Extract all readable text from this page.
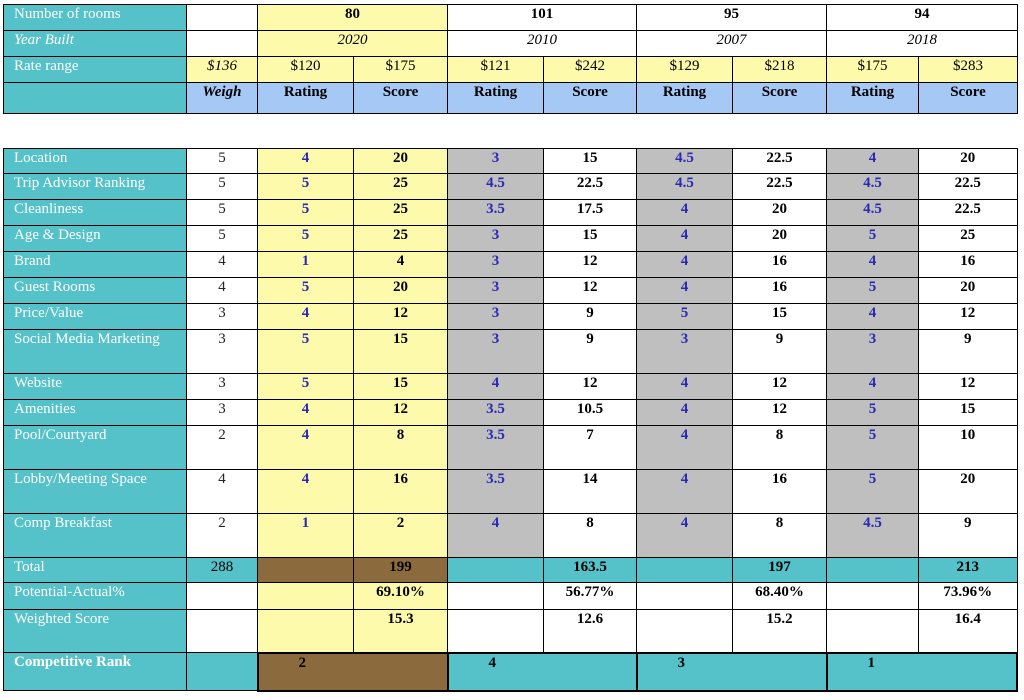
Number of rooms		80		101		95		94	
Year Built		2020		2010		2007		2018	
Rate range	$136	$120	$175	$121	$242	$129	$218	$175	$283
	Weigh	Rating	Score	Rating	Score	Rating	Score	Rating	Score
Location	5	4	20	3	15	4.5	22.5	4	20
Trip Advisor Ranking	5	5	25	4.5	22.5	4.5	22.5	4.5	22.5
Cleanliness	5	5	25	3.5	17.5	4	20	4.5	22.5
Age & Design	5	5	25	3	15	4	20	5	25
Brand	4	1	4	3	12	4	16	4	16
Guest Rooms	4	5	20	3	12	4	16	5	20
Price/Value	3	4	12	3	9	5	15	4	12
Social Media Marketing	3	5	15	3	9	3	9	3	9
Website	3	5	15	4	12	4	12	4	12
Amenities	3	4	12	3.5	10.5	4	12	5	15
Pool/Courtyard	2	4	8	3.5	7	4	8	5	10
Lobby/Meeting Space	4	4	16	3.5	14	4	16	5	20
Comp Breakfast	2	1	2	4	8	4	8	4.5	9
Total	288		199		163.5		197		213
Potential-Actual%			69.10%		56.77%		68.40%		73.96%
Weighted Score			15.3		12.6		15.2		16.4
Competitive Rank		2		4		3		1	
